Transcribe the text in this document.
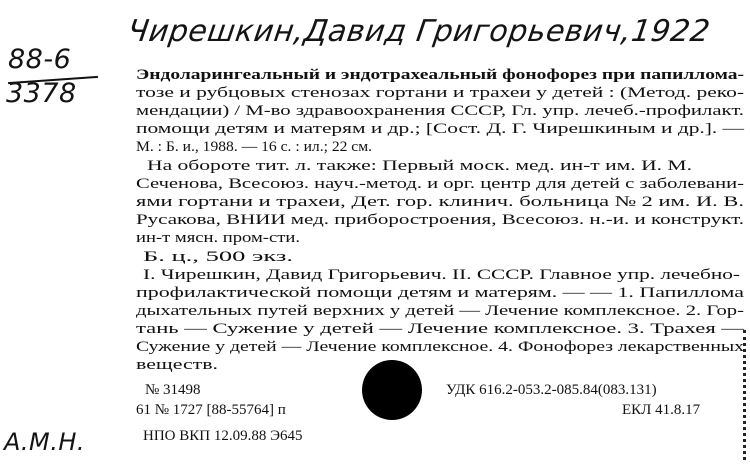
Чирешкин,Давид Григорьевич,1922
88-6
3378
№ 31498	УДК 616.2-053.2-085.84(083.131)
61 № 1727 [88-55764] п	ЕКЛ 41.8.17
НПО ВКП 12.09.88 Э645
А.М.Н.
Эндоларингеальный и эндотрахеальный фонофорез при папиллома-
тозе и рубцовых стенозах гортани и трахеи у детей : (Метод. реко-
мендации) / М-во здравоохранения СССР, Гл. упр. лечеб.-профилакт.
помощи детям и матерям и др.; [Сост. Д. Г. Чирешкиным и др.]. —
М. : Б. и., 1988. — 16 с. : ил.; 22 см.
На обороте тит. л. также: Первый моск. мед. ин-т им. И. М.
Сеченова, Всесоюз. науч.-метод. и орг. центр для детей с заболевани-
ями гортани и трахеи, Дет. гор. клинич. больница № 2 им. И. В.
Русакова, ВНИИ мед. приборостроения, Всесоюз. н.-и. и конструкт.
ин-т мясн. пром-сти.
Б. ц., 500 экз.
I. Чирешкин, Давид Григорьевич. II. СССР. Главное упр. лечебно-
профилактической помощи детям и матерям. — — 1. Папиллома
дыхательных путей верхних у детей — Лечение комплексное. 2. Гор-
тань — Сужение у детей — Лечение комплексное. 3. Трахея —
Сужение у детей — Лечение комплексное. 4. Фонофорез лекарственных
веществ.
